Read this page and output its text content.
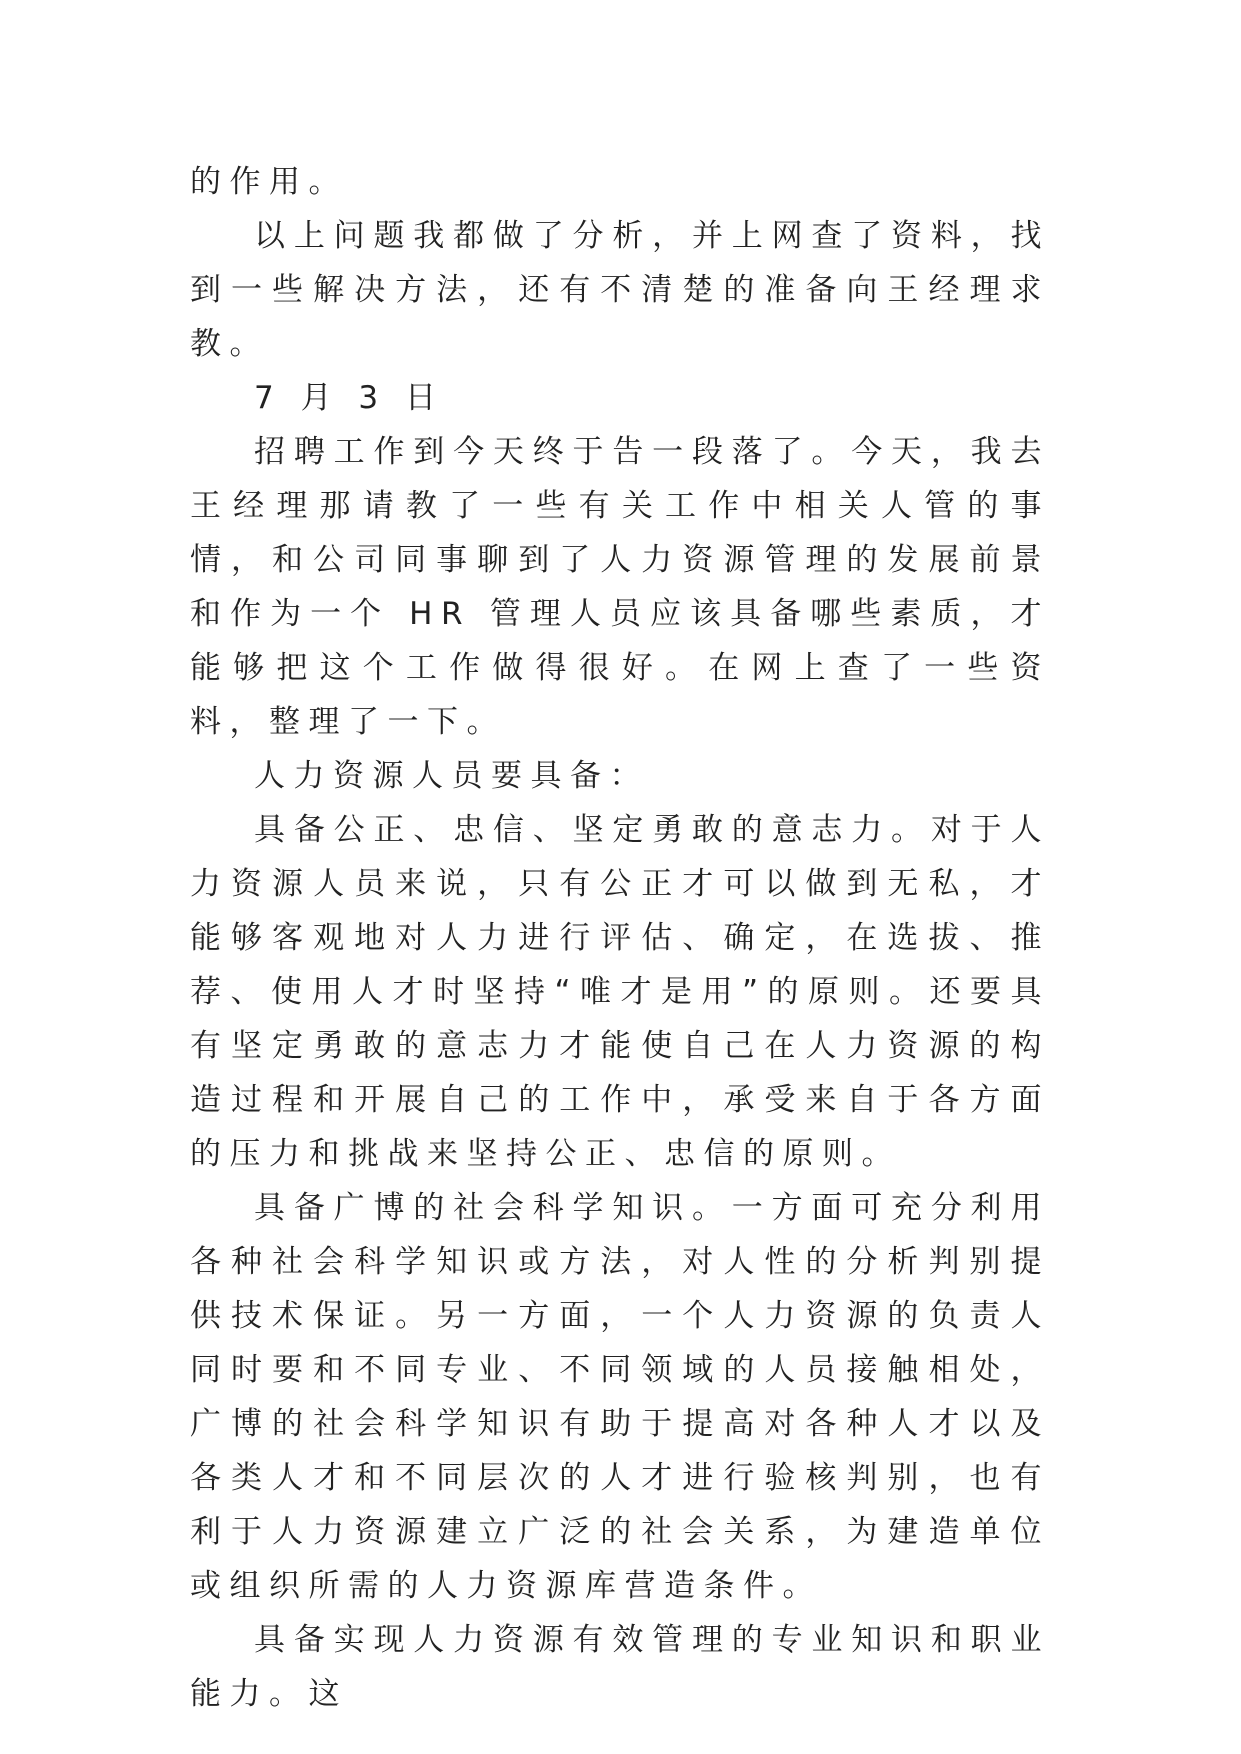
的作用。

以上问题我都做了分析，并上网查了资料，找到一些解决方法，还有不清楚的准备向王经理求教。

7 月 3 日

招聘工作到今天终于告一段落了。今天，我去王经理那请教了一些有关工作中相关人管的事情，和公司同事聊到了人力资源管理的发展前景和作为一个 HR 管理人员应该具备哪些素质，才能够把这个工作做得很好。在网上查了一些资料，整理了一下。

人力资源人员要具备：

具备公正、忠信、坚定勇敢的意志力。对于人力资源人员来说，只有公正才可以做到无私，才能够客观地对人力进行评估、确定，在选拔、推荐、使用人才时坚持“唯才是用”的原则。还要具有坚定勇敢的意志力才能使自己在人力资源的构造过程和开展自己的工作中，承受来自于各方面的压力和挑战来坚持公正、忠信的原则。

具备广博的社会科学知识。一方面可充分利用各种社会科学知识或方法，对人性的分析判别提供技术保证。另一方面，一个人力资源的负责人同时要和不同专业、不同领域的人员接触相处，广博的社会科学知识有助于提高对各种人才以及各类人才和不同层次的人才进行验核判别，也有利于人力资源建立广泛的社会关系，为建造单位或组织所需的人力资源库营造条件。

具备实现人力资源有效管理的专业知识和职业能力。这
